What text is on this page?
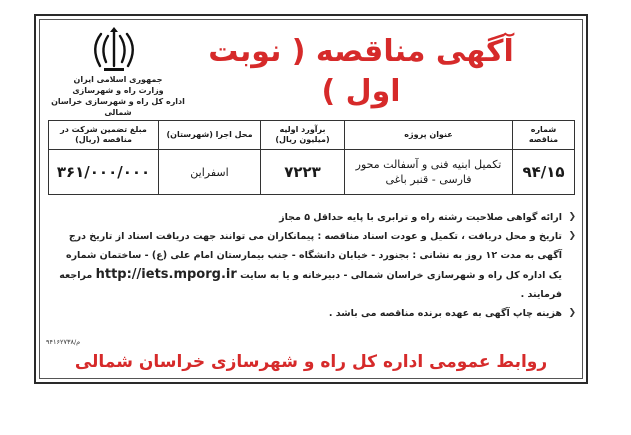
آگهی مناقصه ( نوبت اول )
جمهوری اسلامی ایران
وزارت راه و شهرسازی
اداره کل راه و شهرسازی خراسان شمالی
شماره مناقصه	عنوان پروژه	برآورد اولیه (میلیون ریال)	محل اجرا (شهرستان)	مبلغ تضمین شرکت در مناقصه (ریال)
۹۴/۱۵	تکمیل ابنیه فنی و آسفالت محور فارسی - قنبر باغی	۷۲۲۳	اسفراین	۳۶۱/۰۰۰/۰۰۰

❮
ارائه گواهی صلاحیت رشته راه و ترابری با پایه حداقل ۵ مجاز

❮
تاریخ و محل دریافت ، تکمیل و عودت اسناد مناقصه : پیمانکاران می توانند جهت دریافت اسناد از تاریخ درج آگهی به مدت ۱۲ روز به نشانی : بجنورد - خیابان دانشگاه - جنب بیمارستان امام علی (ع) - ساختمان شماره یک اداره کل راه و شهرسازی خراسان شمالی - دبیرخانه و یا به سایت http://iets.mporg.ir مراجعه فرمایند .

❮
هزینه چاپ آگهی به عهده برنده مناقصه می باشد .

م/۹۴۱۶۲۷۳۸
روابط عمومی اداره کل راه و شهرسازی خراسان شمالی
